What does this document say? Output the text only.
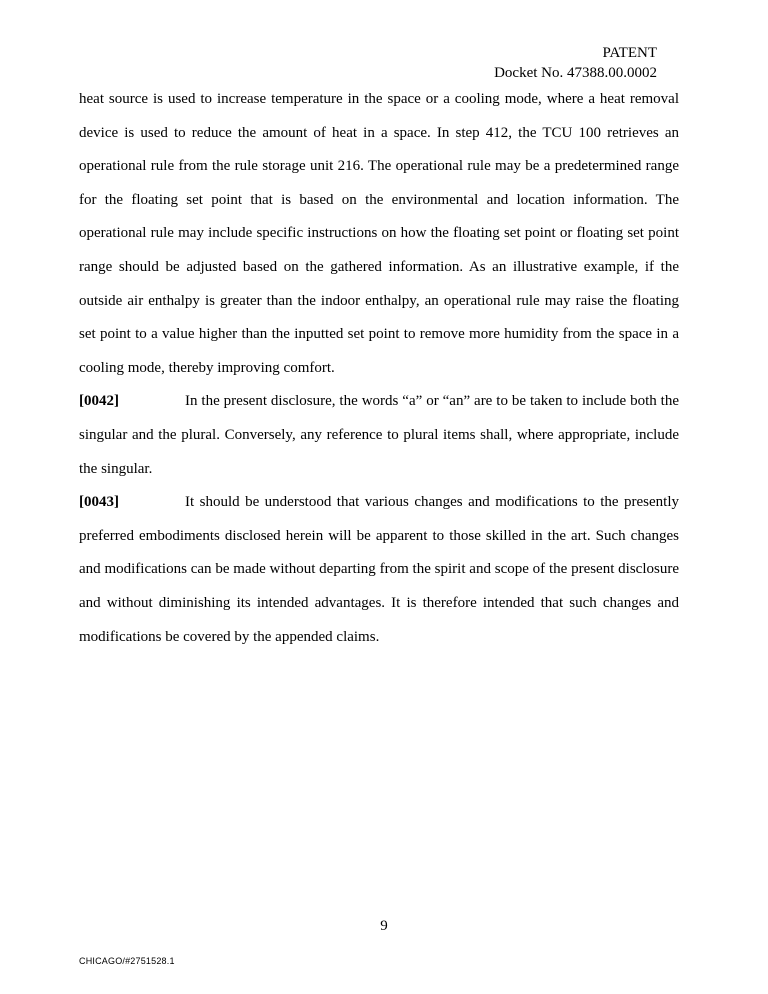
PATENT
Docket No. 47388.00.0002

heat source is used to increase temperature in the space or a cooling mode, where a heat removal device is used to reduce the amount of heat in a space. In step 412, the TCU 100 retrieves an operational rule from the rule storage unit 216. The operational rule may be a predetermined range for the floating set point that is based on the environmental and location information. The operational rule may include specific instructions on how the floating set point or floating set point range should be adjusted based on the gathered information. As an illustrative example, if the outside air enthalpy is greater than the indoor enthalpy, an operational rule may raise the floating set point to a value higher than the inputted set point to remove more humidity from the space in a cooling mode, thereby improving comfort.

[0042]	In the present disclosure, the words “a” or “an” are to be taken to include both the singular and the plural. Conversely, any reference to plural items shall, where appropriate, include the singular.

[0043]	It should be understood that various changes and modifications to the presently preferred embodiments disclosed herein will be apparent to those skilled in the art. Such changes and modifications can be made without departing from the spirit and scope of the present disclosure and without diminishing its intended advantages. It is therefore intended that such changes and modifications be covered by the appended claims.

9
CHICAGO/#2751528.1
